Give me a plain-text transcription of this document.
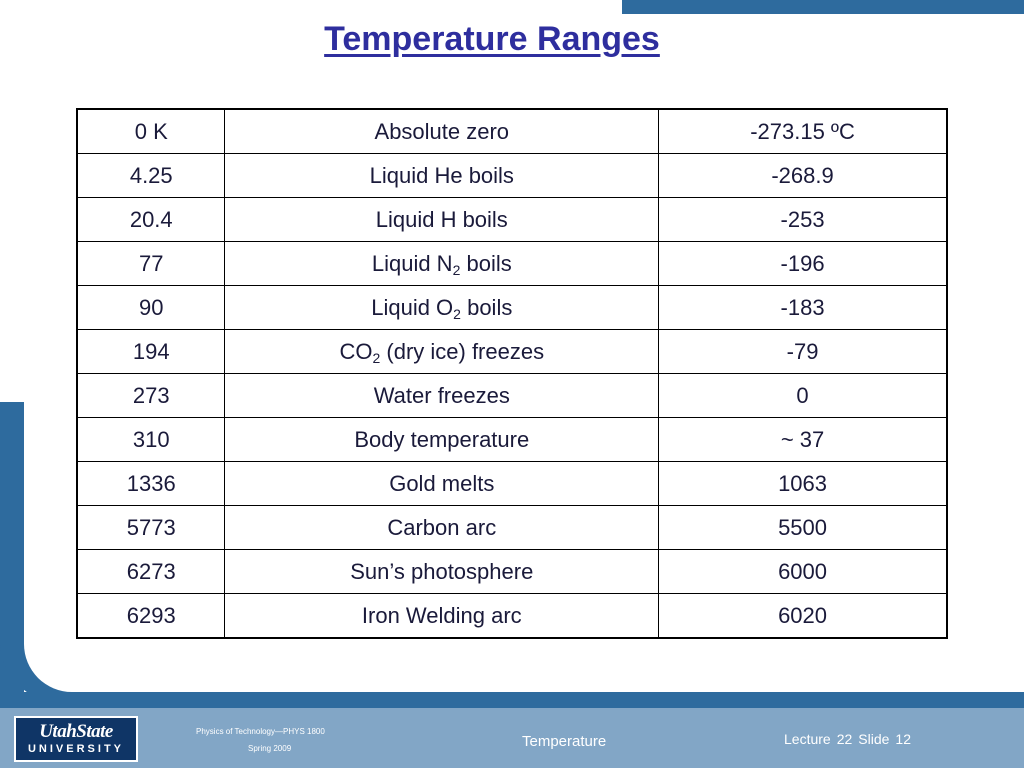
Temperature Ranges
0 K	Absolute zero	-273.15 ºC
4.25	Liquid He boils	-268.9
20.4	Liquid H boils	-253
77	Liquid $N_2$ boils	-196
90	Liquid $O_2$ boils	-183
194	$CO_2$ (dry ice) freezes	-79
273	Water freezes	0
310	Body temperature	~ 37
1336	Gold melts	1063
5773	Carbon arc	5500
6273	Sun’s photosphere	6000
6293	Iron Welding arc	6020
UtahState
UNIVERSITY
Physics of Technology—PHYS 1800
Spring 2009	Temperature	Lecture 22 Slide 12
